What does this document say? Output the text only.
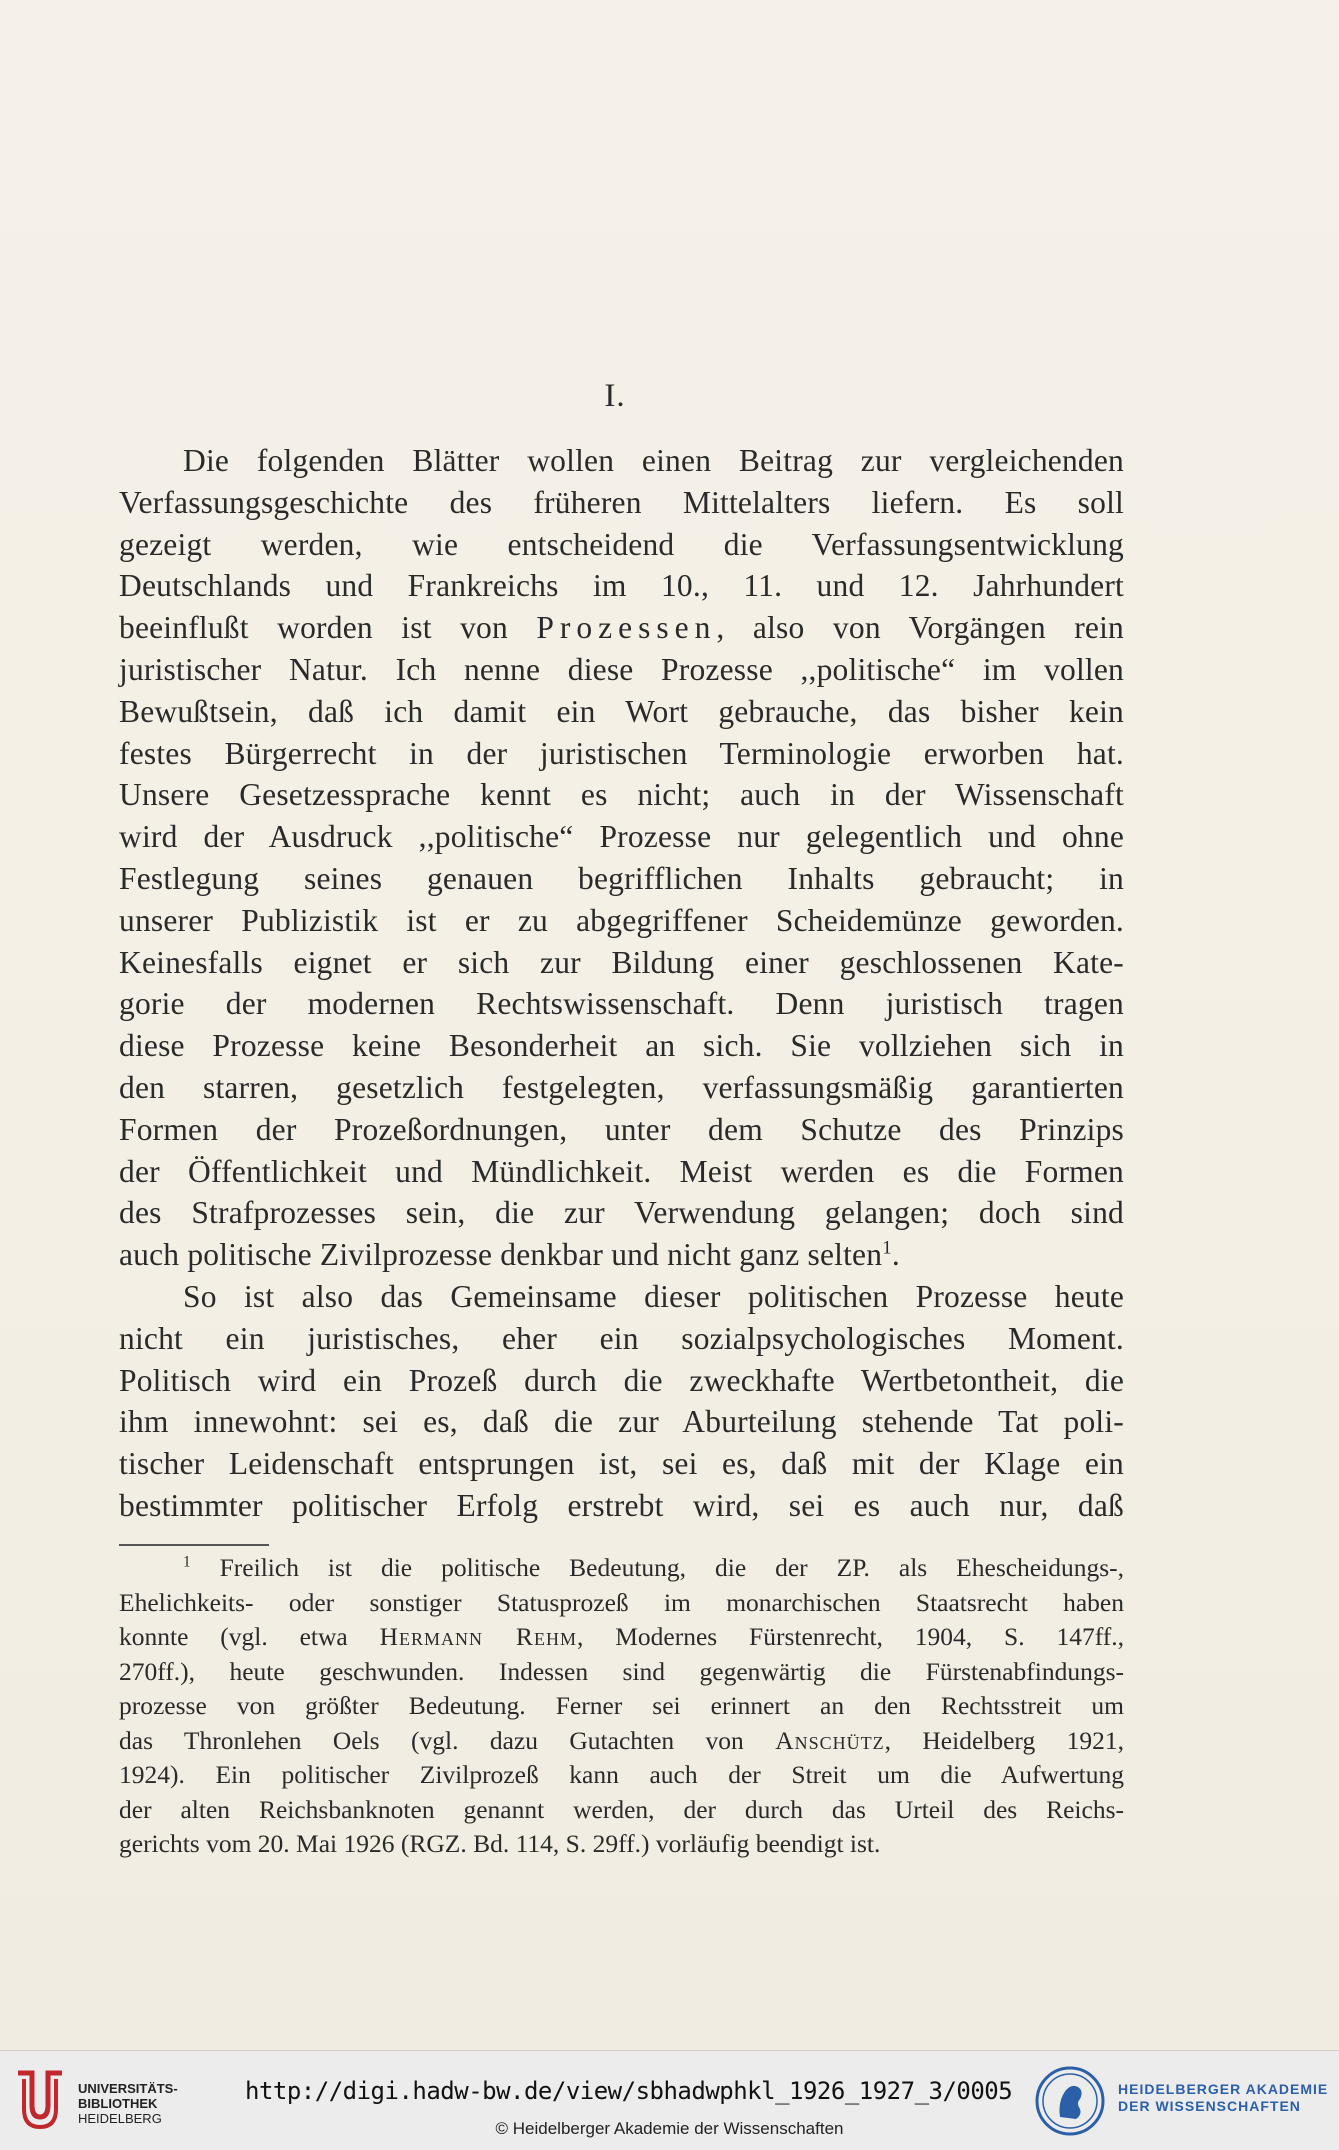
I.
Die folgenden Blätter wollen einen Beitrag zur vergleichenden
Verfassungsgeschichte des früheren Mittelalters liefern. Es soll
gezeigt werden, wie entscheidend die Verfassungsentwicklung
Deutschlands und Frankreichs im 10., 11. und 12. Jahrhundert
beeinflußt worden ist von Prozessen, also von Vorgängen rein
juristischer Natur. Ich nenne diese Prozesse ,,politische“ im vollen
Bewußtsein, daß ich damit ein Wort gebrauche, das bisher kein
festes Bürgerrecht in der juristischen Terminologie erworben hat.
Unsere Gesetzessprache kennt es nicht; auch in der Wissenschaft
wird der Ausdruck ,,politische“ Prozesse nur gelegentlich und ohne
Festlegung seines genauen begrifflichen Inhalts gebraucht; in
unserer Publizistik ist er zu abgegriffener Scheidemünze geworden.
Keinesfalls eignet er sich zur Bildung einer geschlossenen Kate-
gorie der modernen Rechtswissenschaft. Denn juristisch tragen
diese Prozesse keine Besonderheit an sich. Sie vollziehen sich in
den starren, gesetzlich festgelegten, verfassungsmäßig garantierten
Formen der Prozeßordnungen, unter dem Schutze des Prinzips
der Öffentlichkeit und Mündlichkeit. Meist werden es die Formen
des Strafprozesses sein, die zur Verwendung gelangen; doch sind
auch politische Zivilprozesse denkbar und nicht ganz selten$^1$.
So ist also das Gemeinsame dieser politischen Prozesse heute
nicht ein juristisches, eher ein sozialpsychologisches Moment.
Politisch wird ein Prozeß durch die zweckhafte Wertbetontheit, die
ihm innewohnt: sei es, daß die zur Aburteilung stehende Tat poli-
tischer Leidenschaft entsprungen ist, sei es, daß mit der Klage ein
bestimmter politischer Erfolg erstrebt wird, sei es auch nur, daß
$^1$ Freilich ist die politische Bedeutung, die der ZP. als Ehescheidungs-,
Ehelichkeits- oder sonstiger Statusprozeß im monarchischen Staatsrecht haben
konnte (vgl. etwa Hermann Rehm, Modernes Fürstenrecht, 1904, S. 147ff.,
270ff.), heute geschwunden. Indessen sind gegenwärtig die Fürstenabfindungs-
prozesse von größter Bedeutung. Ferner sei erinnert an den Rechtsstreit um
das Thronlehen Oels (vgl. dazu Gutachten von Anschütz, Heidelberg 1921,
1924). Ein politischer Zivilprozeß kann auch der Streit um die Aufwertung
der alten Reichsbanknoten genannt werden, der durch das Urteil des Reichs-
gerichts vom 20. Mai 1926 (RGZ. Bd. 114, S. 29ff.) vorläufig beendigt ist.
UNIVERSITÄTS-
BIBLIOTHEK
HEIDELBERG
http://digi.hadw-bw.de/view/sbhadwphkl_1926_1927_3/0005
© Heidelberger Akademie der Wissenschaften
HEIDELBERGER AKADEMIE
DER WISSENSCHAFTEN
